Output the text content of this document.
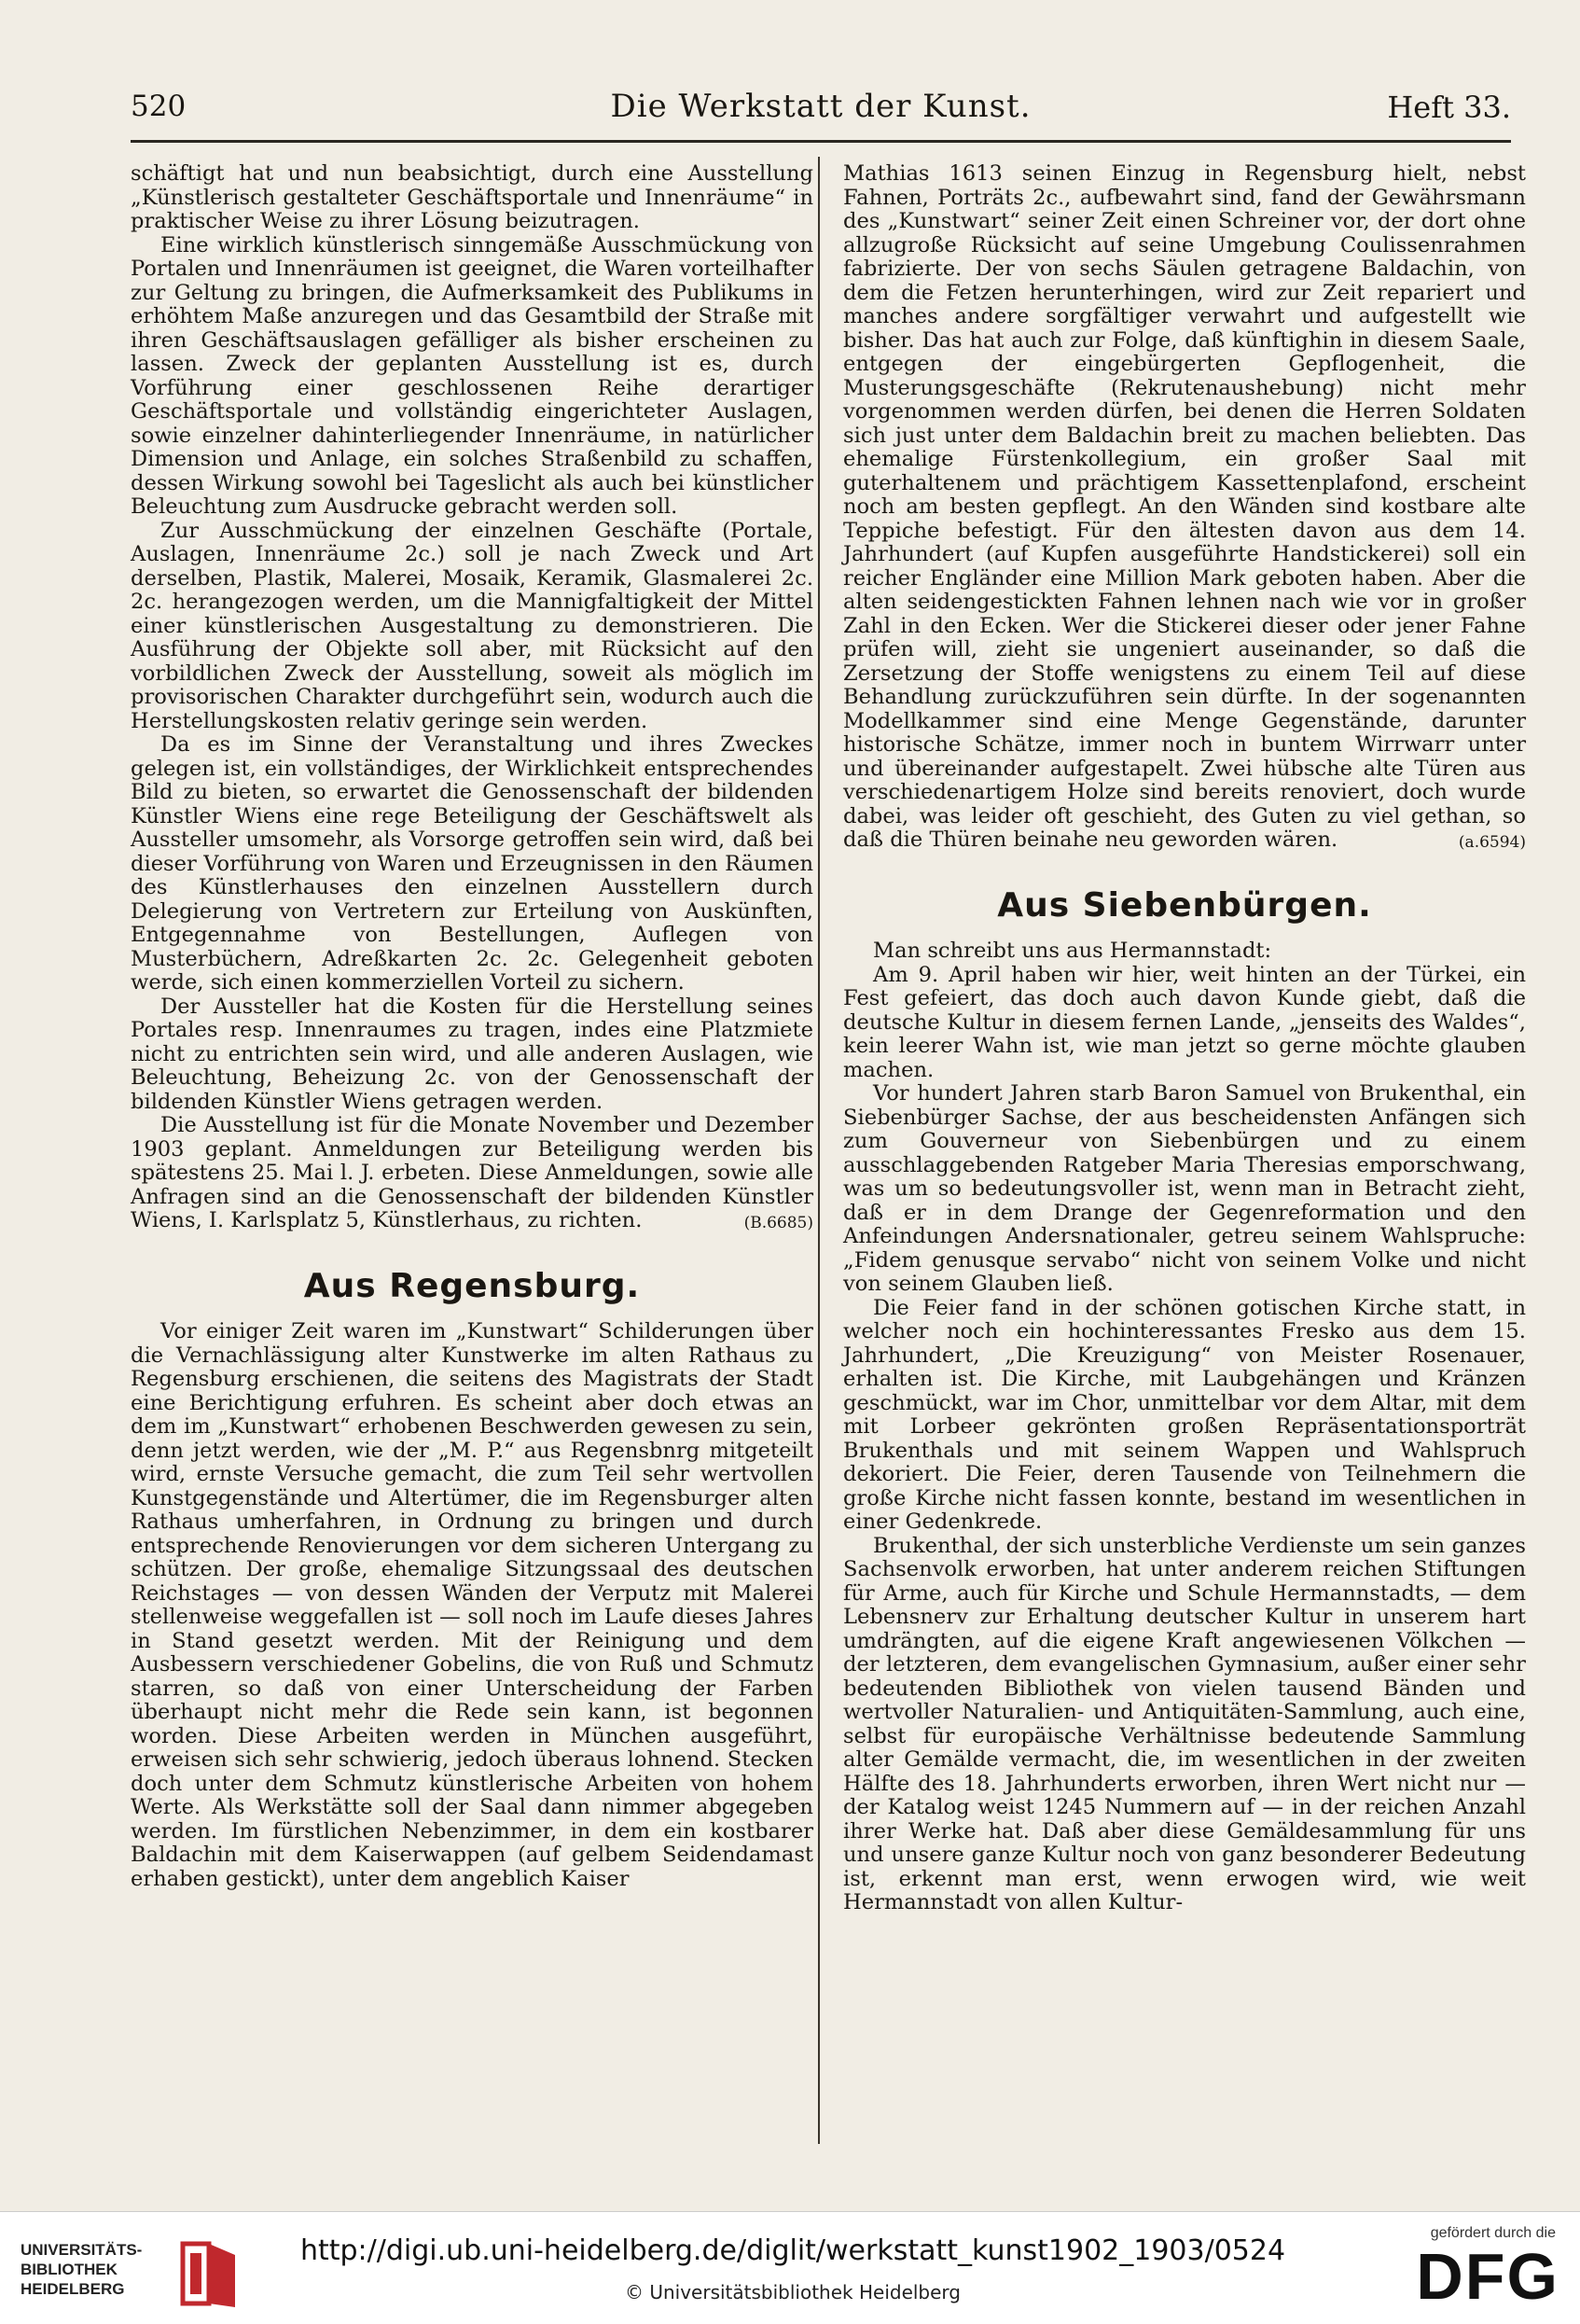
520	Die Werkstatt der Kunst.	Heft 33.

schäftigt hat und nun beabsichtigt, durch eine Ausstellung „Künstlerisch gestalteter Geschäftsportale und Innenräume“ in praktischer Weise zu ihrer Lösung beizutragen.

Eine wirklich künstlerisch sinngemäße Ausschmückung von Portalen und Innenräumen ist geeignet, die Waren vorteilhafter zur Geltung zu bringen, die Aufmerksamkeit des Publikums in erhöhtem Maße anzuregen und das Gesamtbild der Straße mit ihren Geschäftsauslagen gefälliger als bisher erscheinen zu lassen. Zweck der geplanten Ausstellung ist es, durch Vorführung einer geschlossenen Reihe derartiger Geschäftsportale und vollständig eingerichteter Auslagen, sowie einzelner dahinterliegender Innenräume, in natürlicher Dimension und Anlage, ein solches Straßenbild zu schaffen, dessen Wirkung sowohl bei Tageslicht als auch bei künstlicher Beleuchtung zum Ausdrucke gebracht werden soll.

Zur Ausschmückung der einzelnen Geschäfte (Portale, Auslagen, Innenräume 2c.) soll je nach Zweck und Art derselben, Plastik, Malerei, Mosaik, Keramik, Glasmalerei 2c. 2c. herangezogen werden, um die Mannigfaltigkeit der Mittel einer künstlerischen Ausgestaltung zu demonstrieren. Die Ausführung der Objekte soll aber, mit Rücksicht auf den vorbildlichen Zweck der Ausstellung, soweit als möglich im provisorischen Charakter durchgeführt sein, wodurch auch die Herstellungskosten relativ geringe sein werden.

Da es im Sinne der Veranstaltung und ihres Zweckes gelegen ist, ein vollständiges, der Wirklichkeit entsprechendes Bild zu bieten, so erwartet die Genossenschaft der bildenden Künstler Wiens eine rege Beteiligung der Geschäftswelt als Aussteller umsomehr, als Vorsorge getroffen sein wird, daß bei dieser Vorführung von Waren und Erzeugnissen in den Räumen des Künstlerhauses den einzelnen Ausstellern durch Delegierung von Vertretern zur Erteilung von Auskünften, Entgegennahme von Bestellungen, Auflegen von Musterbüchern, Adreßkarten 2c. 2c. Gelegenheit geboten werde, sich einen kommerziellen Vorteil zu sichern.

Der Aussteller hat die Kosten für die Herstellung seines Portales resp. Innenraumes zu tragen, indes eine Platzmiete nicht zu entrichten sein wird, und alle anderen Auslagen, wie Beleuchtung, Beheizung 2c. von der Genossenschaft der bildenden Künstler Wiens getragen werden.

Die Ausstellung ist für die Monate November und Dezember 1903 geplant. Anmeldungen zur Beteiligung werden bis spätestens 25. Mai l. J. erbeten. Diese Anmeldungen, sowie alle Anfragen sind an die Genossenschaft der bildenden Künstler Wiens, I. Karlsplatz 5, Künstlerhaus, zu richten.	(B.6685)
Aus Regensburg.

Vor einiger Zeit waren im „Kunstwart“ Schilderungen über die Vernachlässigung alter Kunstwerke im alten Rathaus zu Regensburg erschienen, die seitens des Magistrats der Stadt eine Berichtigung erfuhren. Es scheint aber doch etwas an dem im „Kunstwart“ erhobenen Beschwerden gewesen zu sein, denn jetzt werden, wie der „M. P.“ aus Regensbnrg mitgeteilt wird, ernste Versuche gemacht, die zum Teil sehr wertvollen Kunstgegenstände und Altertümer, die im Regensburger alten Rathaus umherfahren, in Ordnung zu bringen und durch entsprechende Renovierungen vor dem sicheren Untergang zu schützen. Der große, ehemalige Sitzungssaal des deutschen Reichstages — von dessen Wänden der Verputz mit Malerei stellenweise weggefallen ist — soll noch im Laufe dieses Jahres in Stand gesetzt werden. Mit der Reinigung und dem Ausbessern verschiedener Gobelins, die von Ruß und Schmutz starren, so daß von einer Unterscheidung der Farben überhaupt nicht mehr die Rede sein kann, ist begonnen worden. Diese Arbeiten werden in München ausgeführt, erweisen sich sehr schwierig, jedoch überaus lohnend. Stecken doch unter dem Schmutz künstlerische Arbeiten von hohem Werte. Als Werkstätte soll der Saal dann nimmer abgegeben werden. Im fürstlichen Nebenzimmer, in dem ein kostbarer Baldachin mit dem Kaiserwappen (auf gelbem Seidendamast erhaben gestickt), unter dem angeblich Kaiser

Mathias 1613 seinen Einzug in Regensburg hielt, nebst Fahnen, Porträts 2c., aufbewahrt sind, fand der Gewährsmann des „Kunstwart“ seiner Zeit einen Schreiner vor, der dort ohne allzugroße Rücksicht auf seine Umgebung Coulissenrahmen fabrizierte. Der von sechs Säulen getragene Baldachin, von dem die Fetzen herunterhingen, wird zur Zeit repariert und manches andere sorgfältiger verwahrt und aufgestellt wie bisher. Das hat auch zur Folge, daß künftighin in diesem Saale, entgegen der eingebürgerten Gepflogenheit, die Musterungsgeschäfte (Rekrutenaushebung) nicht mehr vorgenommen werden dürfen, bei denen die Herren Soldaten sich just unter dem Baldachin breit zu machen beliebten. Das ehemalige Fürstenkollegium, ein großer Saal mit guterhaltenem und prächtigem Kassettenplafond, erscheint noch am besten gepflegt. An den Wänden sind kostbare alte Teppiche befestigt. Für den ältesten davon aus dem 14. Jahrhundert (auf Kupfen ausgeführte Handstickerei) soll ein reicher Engländer eine Million Mark geboten haben. Aber die alten seidengestickten Fahnen lehnen nach wie vor in großer Zahl in den Ecken. Wer die Stickerei dieser oder jener Fahne prüfen will, zieht sie ungeniert auseinander, so daß die Zersetzung der Stoffe wenigstens zu einem Teil auf diese Behandlung zurückzuführen sein dürfte. In der sogenannten Modellkammer sind eine Menge Gegenstände, darunter historische Schätze, immer noch in buntem Wirrwarr unter und übereinander aufgestapelt. Zwei hübsche alte Türen aus verschiedenartigem Holze sind bereits renoviert, doch wurde dabei, was leider oft geschieht, des Guten zu viel gethan, so daß die Thüren beinahe neu geworden wären.	(a.6594)
Aus Siebenbürgen.

Man schreibt uns aus Hermannstadt:

Am 9. April haben wir hier, weit hinten an der Türkei, ein Fest gefeiert, das doch auch davon Kunde giebt, daß die deutsche Kultur in diesem fernen Lande, „jenseits des Waldes“, kein leerer Wahn ist, wie man jetzt so gerne möchte glauben machen.

Vor hundert Jahren starb Baron Samuel von Brukenthal, ein Siebenbürger Sachse, der aus bescheidensten Anfängen sich zum Gouverneur von Siebenbürgen und zu einem ausschlaggebenden Ratgeber Maria Theresias emporschwang, was um so bedeutungsvoller ist, wenn man in Betracht zieht, daß er in dem Drange der Gegenreformation und den Anfeindungen Andersnationaler, getreu seinem Wahlspruche: „Fidem genusque servabo“ nicht von seinem Volke und nicht von seinem Glauben ließ.

Die Feier fand in der schönen gotischen Kirche statt, in welcher noch ein hochinteressantes Fresko aus dem 15. Jahrhundert, „Die Kreuzigung“ von Meister Rosenauer, erhalten ist. Die Kirche, mit Laubgehängen und Kränzen geschmückt, war im Chor, unmittelbar vor dem Altar, mit dem mit Lorbeer gekrönten großen Repräsentationsporträt Brukenthals und mit seinem Wappen und Wahlspruch dekoriert. Die Feier, deren Tausende von Teilnehmern die große Kirche nicht fassen konnte, bestand im wesentlichen in einer Gedenkrede.

Brukenthal, der sich unsterbliche Verdienste um sein ganzes Sachsenvolk erworben, hat unter anderem reichen Stiftungen für Arme, auch für Kirche und Schule Hermannstadts, — dem Lebensnerv zur Erhaltung deutscher Kultur in unserem hart umdrängten, auf die eigene Kraft angewiesenen Völkchen — der letzteren, dem evangelischen Gymnasium, außer einer sehr bedeutenden Bibliothek von vielen tausend Bänden und wertvoller Naturalien- und Antiquitäten-Sammlung, auch eine, selbst für europäische Verhältnisse bedeutende Sammlung alter Gemälde vermacht, die, im wesentlichen in der zweiten Hälfte des 18. Jahrhunderts erworben, ihren Wert nicht nur — der Katalog weist 1245 Nummern auf — in der reichen Anzahl ihrer Werke hat. Daß aber diese Gemäldesammlung für uns und unsere ganze Kultur noch von ganz besonderer Bedeutung ist, erkennt man erst, wenn erwogen wird, wie weit Hermannstadt von allen Kultur-

UNIVERSITÄTS-
BIBLIOTHEK
HEIDELBERG
http://digi.ub.uni-heidelberg.de/diglit/werkstatt_kunst1902_1903/0524
© Universitätsbibliothek Heidelberg
gefördert durch die
DFG
